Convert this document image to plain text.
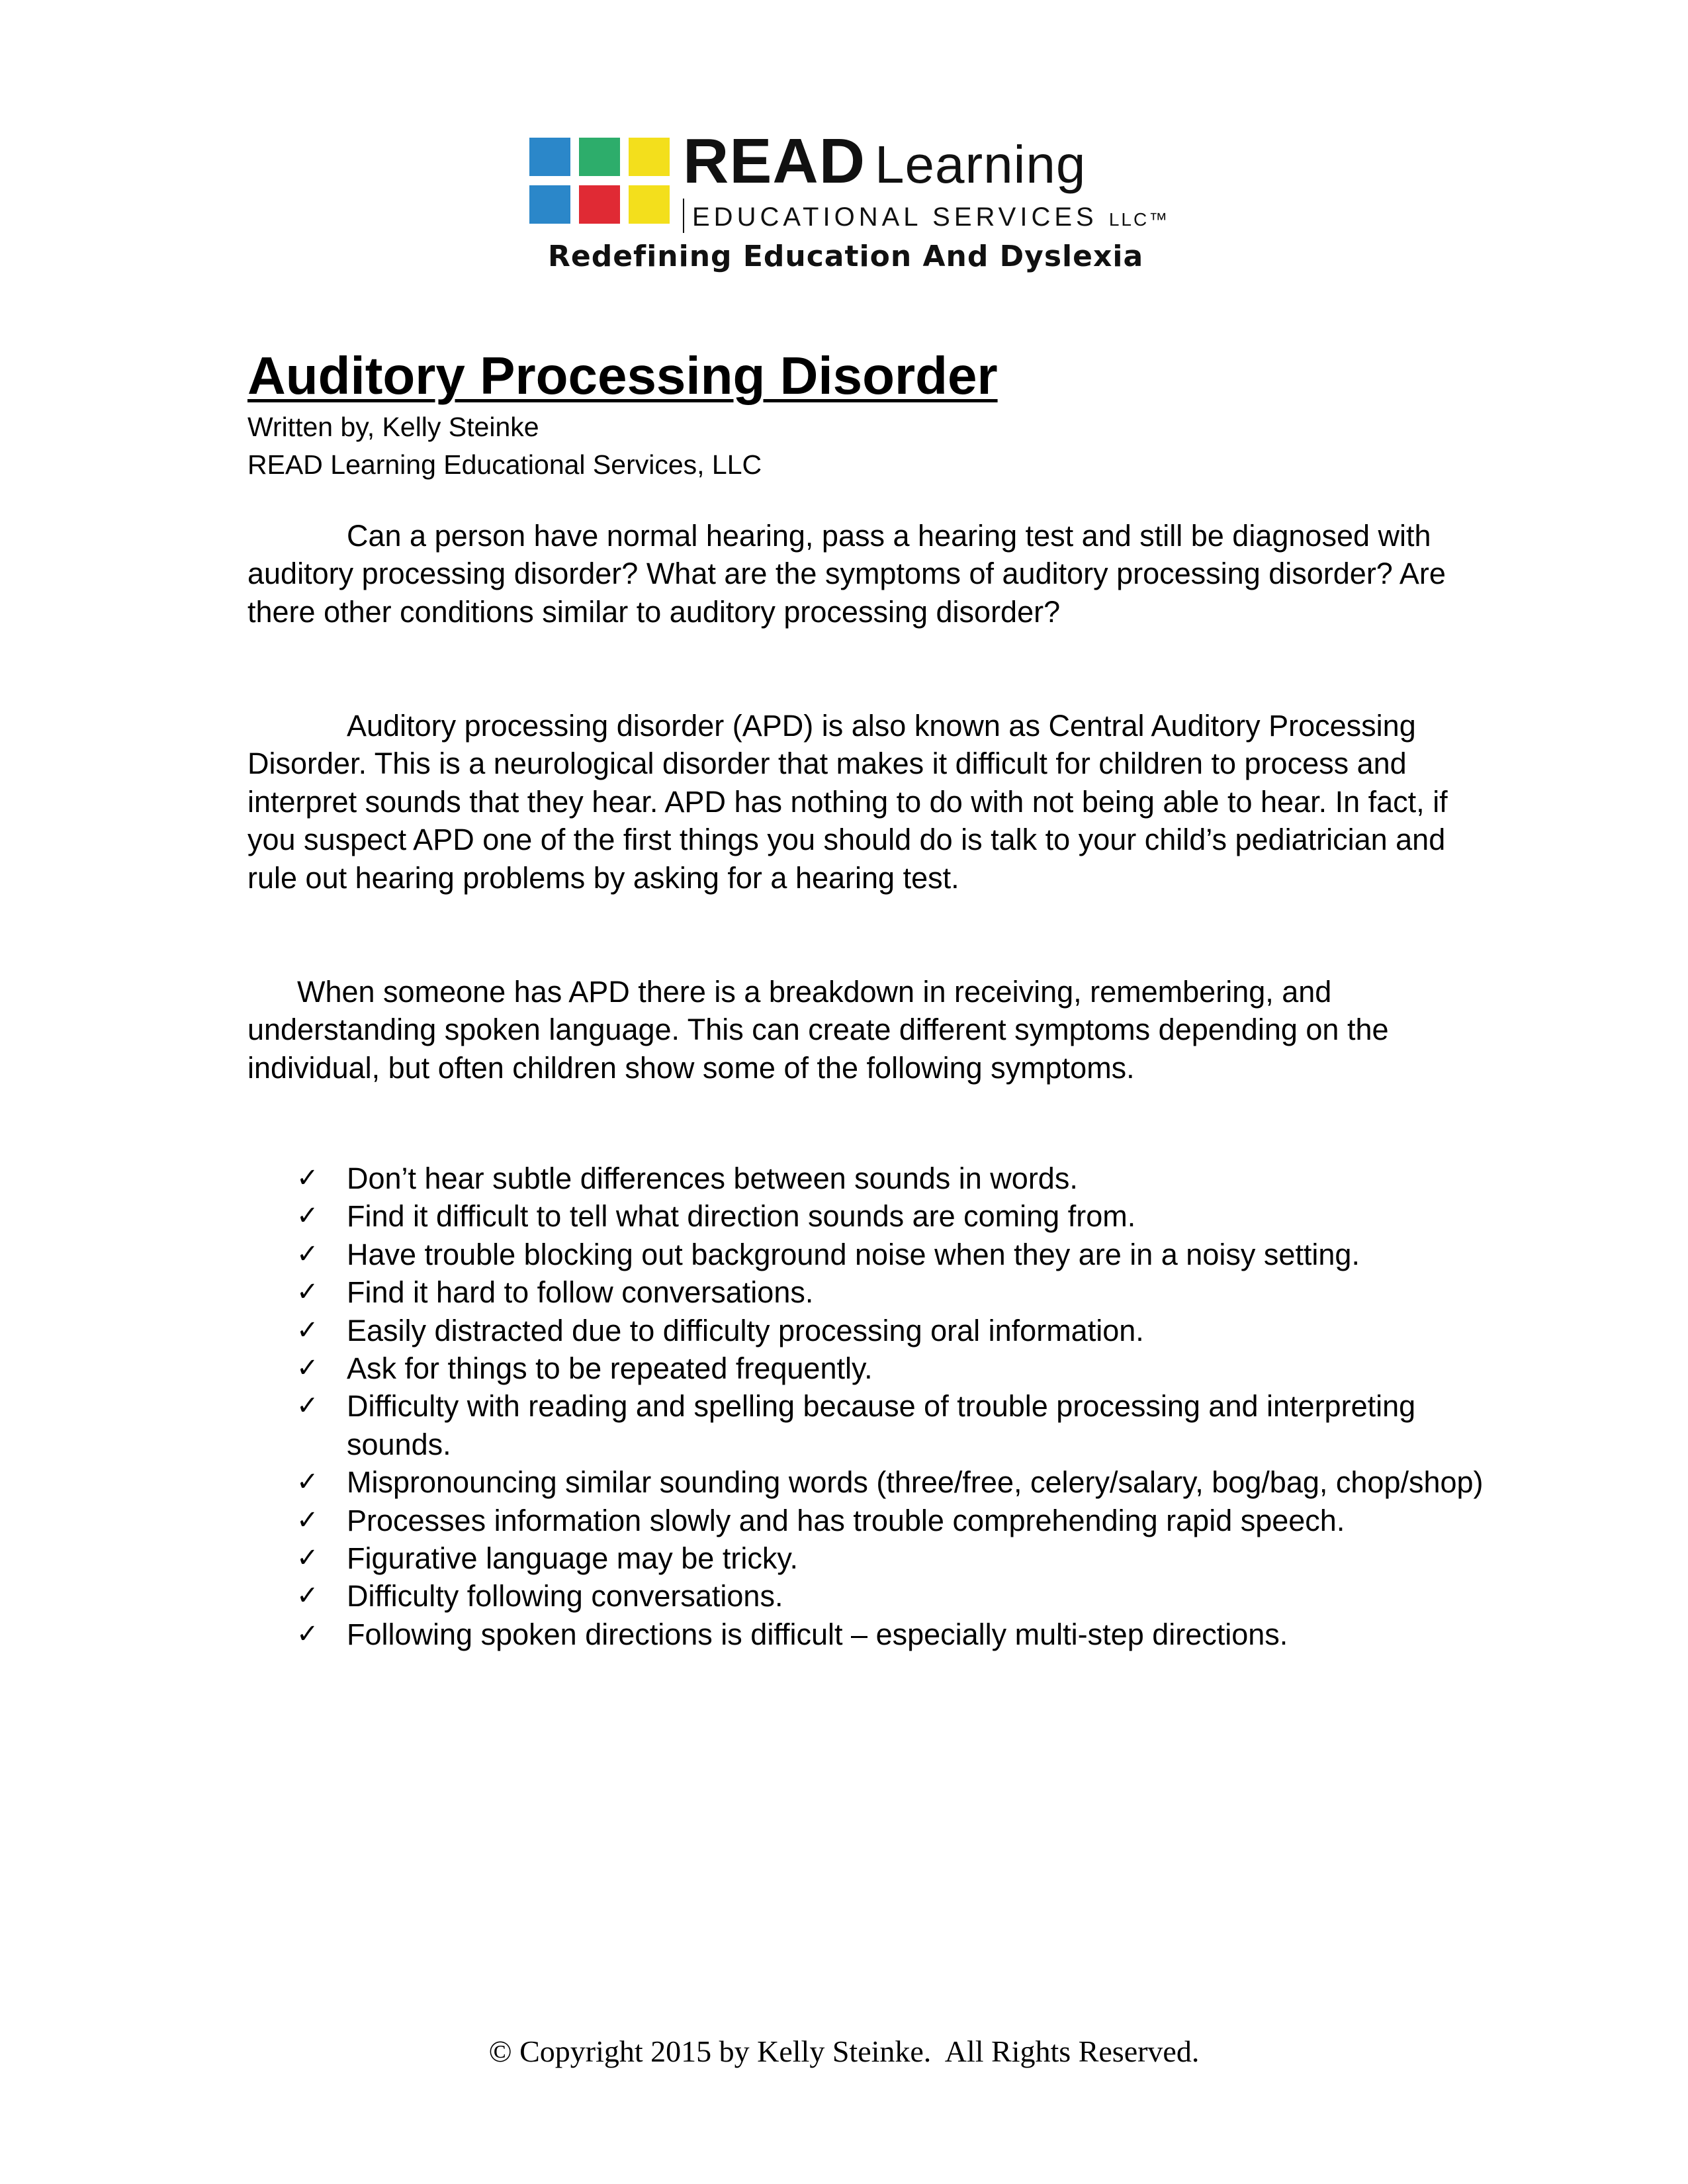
READ Learning
EDUCATIONAL SERVICES LLC™
Redefining Education And Dyslexia
Auditory Processing Disorder
Written by, Kelly Steinke
READ Learning Educational Services, LLC

Can a person have normal hearing, pass a hearing test and still be diagnosed with auditory processing disorder? What are the symptoms of auditory processing disorder? Are there other conditions similar to auditory processing disorder?

Auditory processing disorder (APD) is also known as Central Auditory Processing Disorder. This is a neurological disorder that makes it difficult for children to process and interpret sounds that they hear. APD has nothing to do with not being able to hear. In fact, if you suspect APD one of the first things you should do is talk to your child’s pediatrician and rule out hearing problems by asking for a hearing test.

When someone has APD there is a breakdown in receiving, remembering, and understanding spoken language. This can create different symptoms depending on the individual, but often children show some of the following symptoms.

✓ Don’t hear subtle differences between sounds in words.
✓ Find it difficult to tell what direction sounds are coming from.
✓ Have trouble blocking out background noise when they are in a noisy setting.
✓ Find it hard to follow conversations.
✓ Easily distracted due to difficulty processing oral information.
✓ Ask for things to be repeated frequently.
✓ Difficulty with reading and spelling because of trouble processing and interpreting sounds.
✓ Mispronouncing similar sounding words (three/free, celery/salary, bog/bag, chop/shop)
✓ Processes information slowly and has trouble comprehending rapid speech.
✓ Figurative language may be tricky.
✓ Difficulty following conversations.
✓ Following spoken directions is difficult – especially multi-step directions.
© Copyright 2015 by Kelly Steinke.  All Rights Reserved.
